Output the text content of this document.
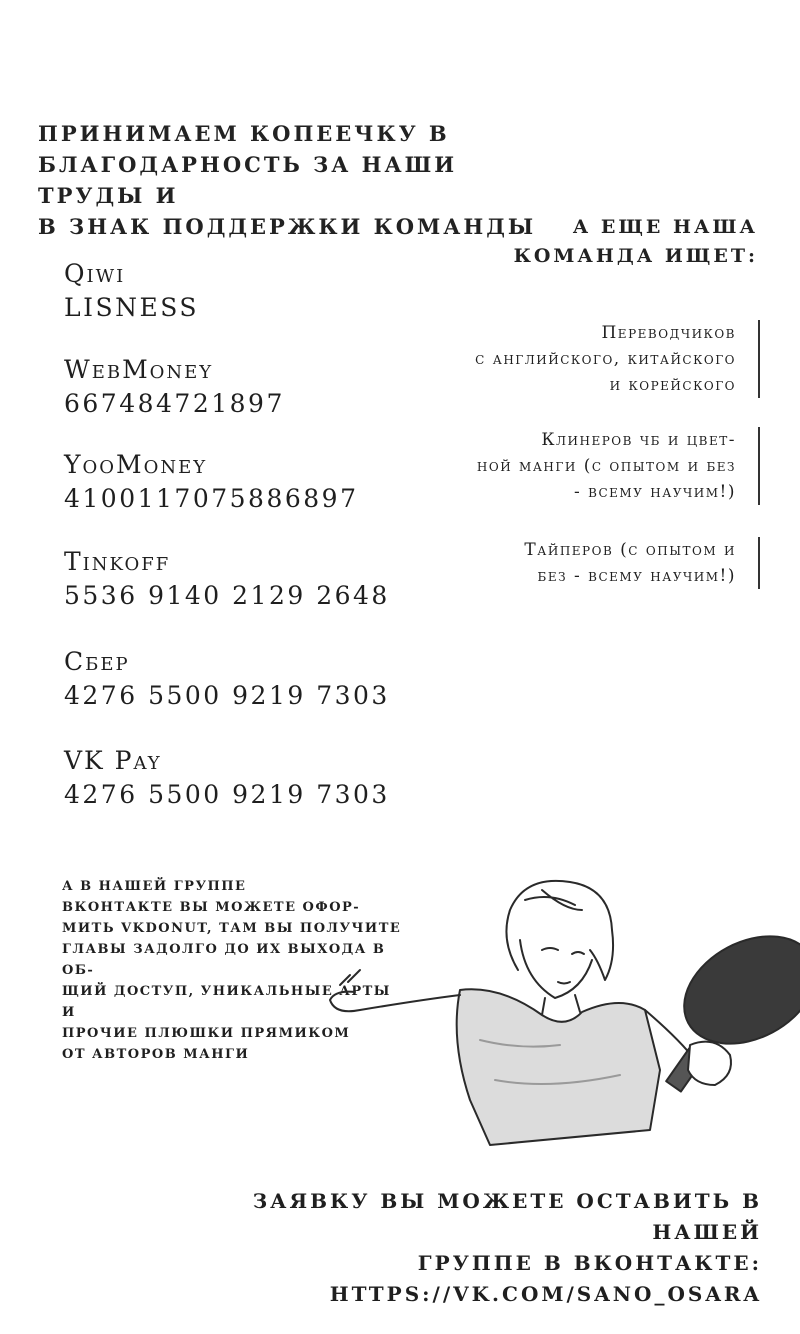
ПРИНИМАЕМ КОПЕЕЧКУ В
БЛАГОДАРНОСТЬ ЗА НАШИ ТРУДЫ И
В ЗНАК ПОДДЕРЖКИ КОМАНДЫ	А ЕЩЕ НАША
КОМАНДА ИЩЕТ:
Qiwi
LISNESS
WebMoney
667484721897
YooMoney
4100117075886897
Tinkoff
5536 9140 2129 2648
Сбер
4276 5500 9219 7303
VK Pay
4276 5500 9219 7303
Переводчиков
с английского, китайского
и корейского
Клинеров чб и цвет-
ной манги (с опытом и без
- всему научим!)
Тайперов (с опытом и
без - всему научим!)
А В НАШЕЙ ГРУППЕ
ВКОНТАКТЕ ВЫ МОЖЕТЕ ОФОР-
МИТЬ VKDONUT, ТАМ ВЫ ПОЛУЧИТЕ
ГЛАВЫ ЗАДОЛГО ДО ИХ ВЫХОДА В ОБ-
ЩИЙ ДОСТУП, УНИКАЛЬНЫЕ АРТЫ И
ПРОЧИЕ ПЛЮШКИ ПРЯМИКОМ
ОТ АВТОРОВ МАНГИ
ЗАЯВКУ ВЫ МОЖЕТЕ ОСТАВИТЬ В НАШЕЙ
ГРУППЕ В ВКОНТАКТЕ: HTTPS://VK.COM/SANO_OSARA
